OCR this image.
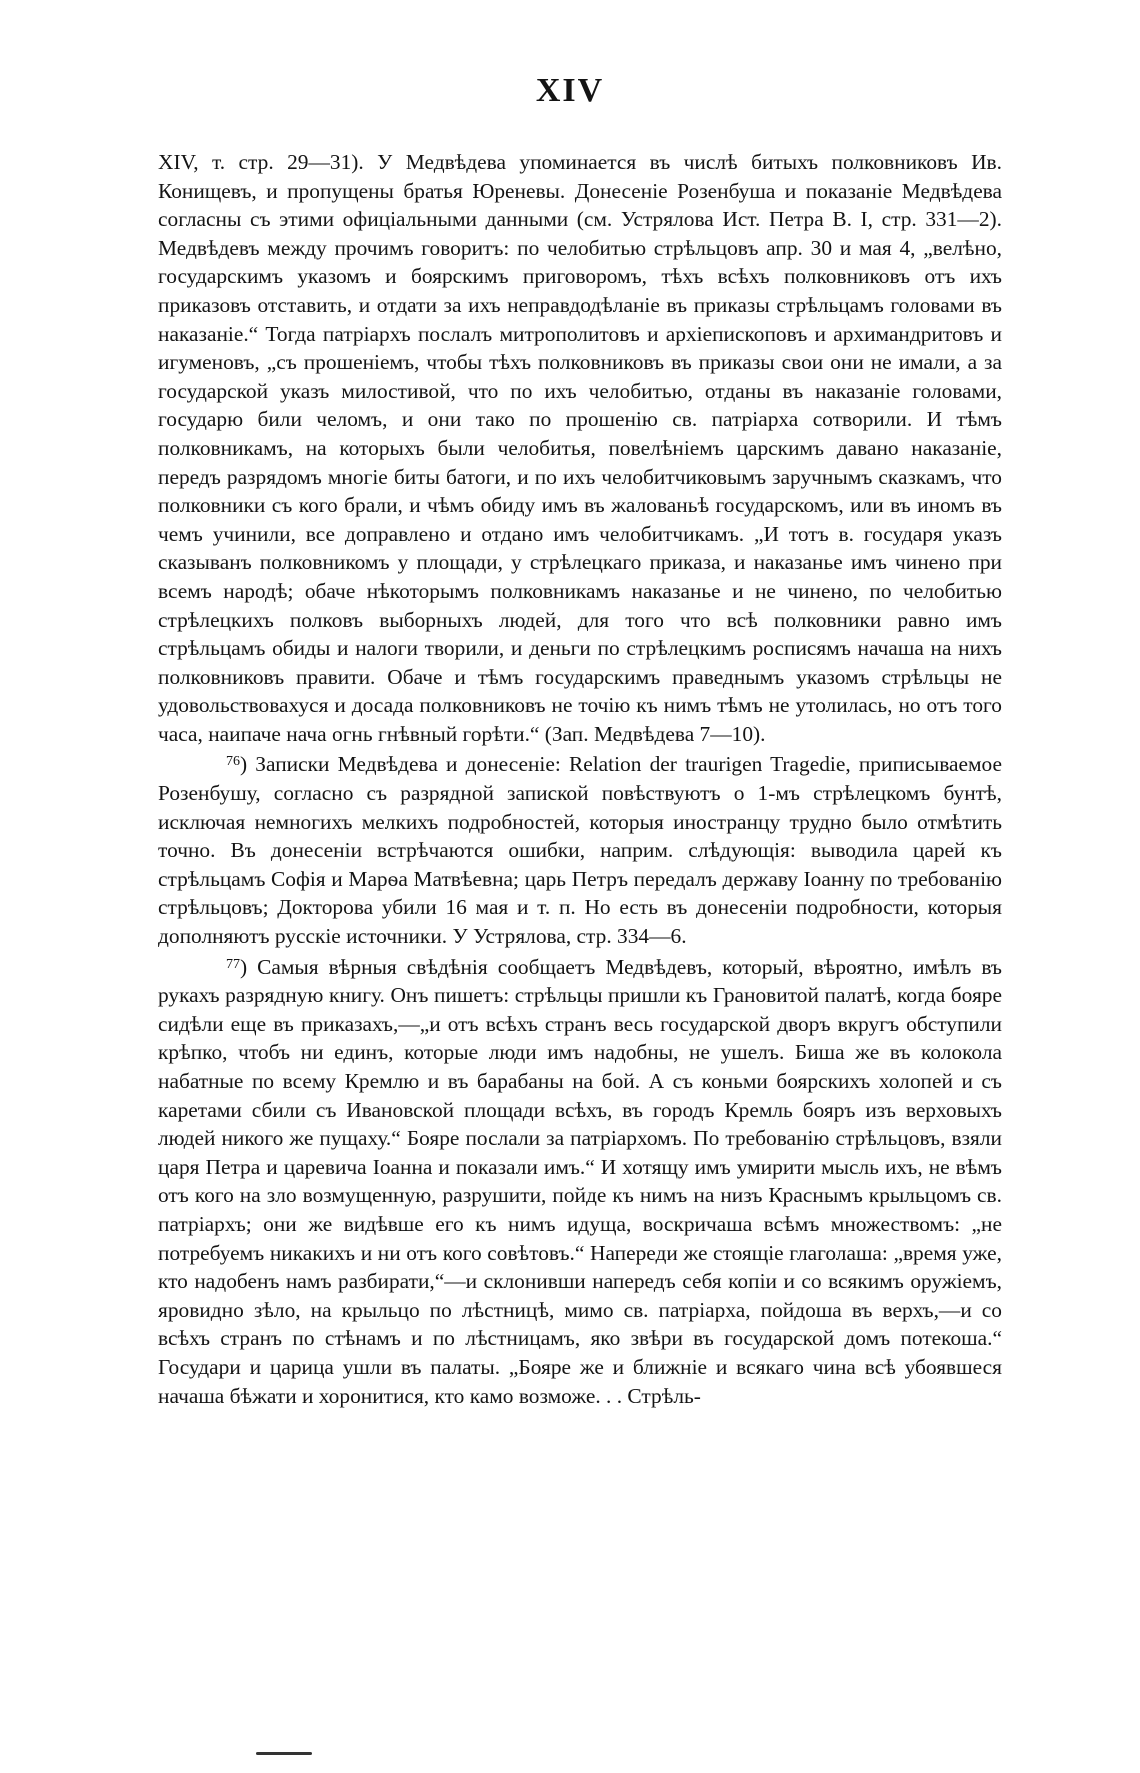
XIV

XIV, т. стр. 29—31). У Медвѣдева упоминается въ числѣ битыхъ полковниковъ Ив. Конищевъ, и пропущены братья Юреневы. Донесеніе Розенбуша и показаніе Медвѣдева согласны съ этими офиціальными данными (см. Устрялова Ист. Петра В. I, стр. 331—2). Медвѣдевъ между прочимъ говоритъ: по челобитью стрѣльцовъ апр. 30 и мая 4, „велѣно, государскимъ указомъ и боярскимъ приговоромъ, тѣхъ всѣхъ полковниковъ отъ ихъ приказовъ отставить, и отдати за ихъ неправдодѣланіе въ приказы стрѣльцамъ головами въ наказаніе.“ Тогда патріархъ послалъ митрополитовъ и архіепископовъ и архимандритовъ и игуменовъ, „съ прошеніемъ, чтобы тѣхъ полковниковъ въ приказы свои они не имали, а за государской указъ милостивой, что по ихъ челобитью, отданы въ наказаніе головами, государю били челомъ, и они тако по прошенію св. патріарха сотворили. И тѣмъ полковникамъ, на которыхъ были челобитья, повелѣніемъ царскимъ давано наказаніе, передъ разрядомъ многіе биты батоги, и по ихъ челобитчиковымъ заручнымъ сказкамъ, что полковники съ кого брали, и чѣмъ обиду имъ въ жалованьѣ государскомъ, или въ иномъ въ чемъ учинили, все доправлено и отдано имъ челобитчикамъ. „И тотъ в. государя указъ сказыванъ полковникомъ у площади, у стрѣлецкаго приказа, и наказанье имъ чинено при всемъ народѣ; обаче нѣкоторымъ полковникамъ наказанье и не чинено, по челобитью стрѣлецкихъ полковъ выборныхъ людей, для того что всѣ полковники равно имъ стрѣльцамъ обиды и налоги творили, и деньги по стрѣлецкимъ росписямъ начаша на нихъ полковниковъ правити. Обаче и тѣмъ государскимъ праведнымъ указомъ стрѣльцы не удовольствовахуся и досада полковниковъ не точію къ нимъ тѣмъ не утолилась, но отъ того часа, наипаче нача огнь гнѣвный горѣти.“ (Зап. Медвѣдева 7—10).

$^{76}$) Записки Медвѣдева и донесеніе: Relation der traurigen Tragedie, приписываемое Розенбушу, согласно съ разрядной запиской повѣствуютъ о 1-мъ стрѣлецкомъ бунтѣ, исключая немногихъ мелкихъ подробностей, которыя иностранцу трудно было отмѣтить точно. Въ донесеніи встрѣчаются ошибки, наприм. слѣдующія: выводила царей къ стрѣльцамъ Софія и Марѳа Матвѣевна; царь Петръ передалъ державу Іоанну по требованію стрѣльцовъ; Докторова убили 16 мая и т. п. Но есть въ донесеніи подробности, которыя дополняютъ русскіе источники. У Устрялова, стр. 334—6.

$^{77}$) Самыя вѣрныя свѣдѣнія сообщаетъ Медвѣдевъ, который, вѣроятно, имѣлъ въ рукахъ разрядную книгу. Онъ пишетъ: стрѣльцы пришли къ Грановитой палатѣ, когда бояре сидѣли еще въ приказахъ,—„и отъ всѣхъ странъ весь государской дворъ вкругъ обступили крѣпко, чтобъ ни единъ, которые люди имъ надобны, не ушелъ. Биша же въ колокола набатные по всему Кремлю и въ барабаны на бой. А съ коньми боярскихъ холопей и съ каретами сбили съ Ивановской площади всѣхъ, въ городъ Кремль бояръ изъ верховыхъ людей никого же пущаху.“ Бояре послали за патріархомъ. По требованію стрѣльцовъ, взяли царя Петра и царевича Іоанна и показали имъ.“ И хотящу имъ умирити мысль ихъ, не вѣмъ отъ кого на зло возмущенную, разрушити, пойде къ нимъ на низъ Краснымъ крыльцомъ св. патріархъ; они же видѣвше его къ нимъ идуща, воскричаша всѣмъ множествомъ: „не потребуемъ никакихъ и ни отъ кого совѣтовъ.“ Напереди же стоящіе глаголаша: „время уже, кто надобенъ намъ разбирати,“—и склонивши напередъ себя копіи и со всякимъ оружіемъ, яровидно зѣло, на крыльцо по лѣстницѣ, мимо св. патріарха, пойдоша въ верхъ,—и со всѣхъ странъ по стѣнамъ и по лѣстницамъ, яко звѣри въ государской домъ потекоша.“ Государи и царица ушли въ палаты. „Бояре же и ближніе и всякаго чина всѣ убоявшеся начаша бѣжати и хоронитися, кто камо возможе. . . Стрѣль-
